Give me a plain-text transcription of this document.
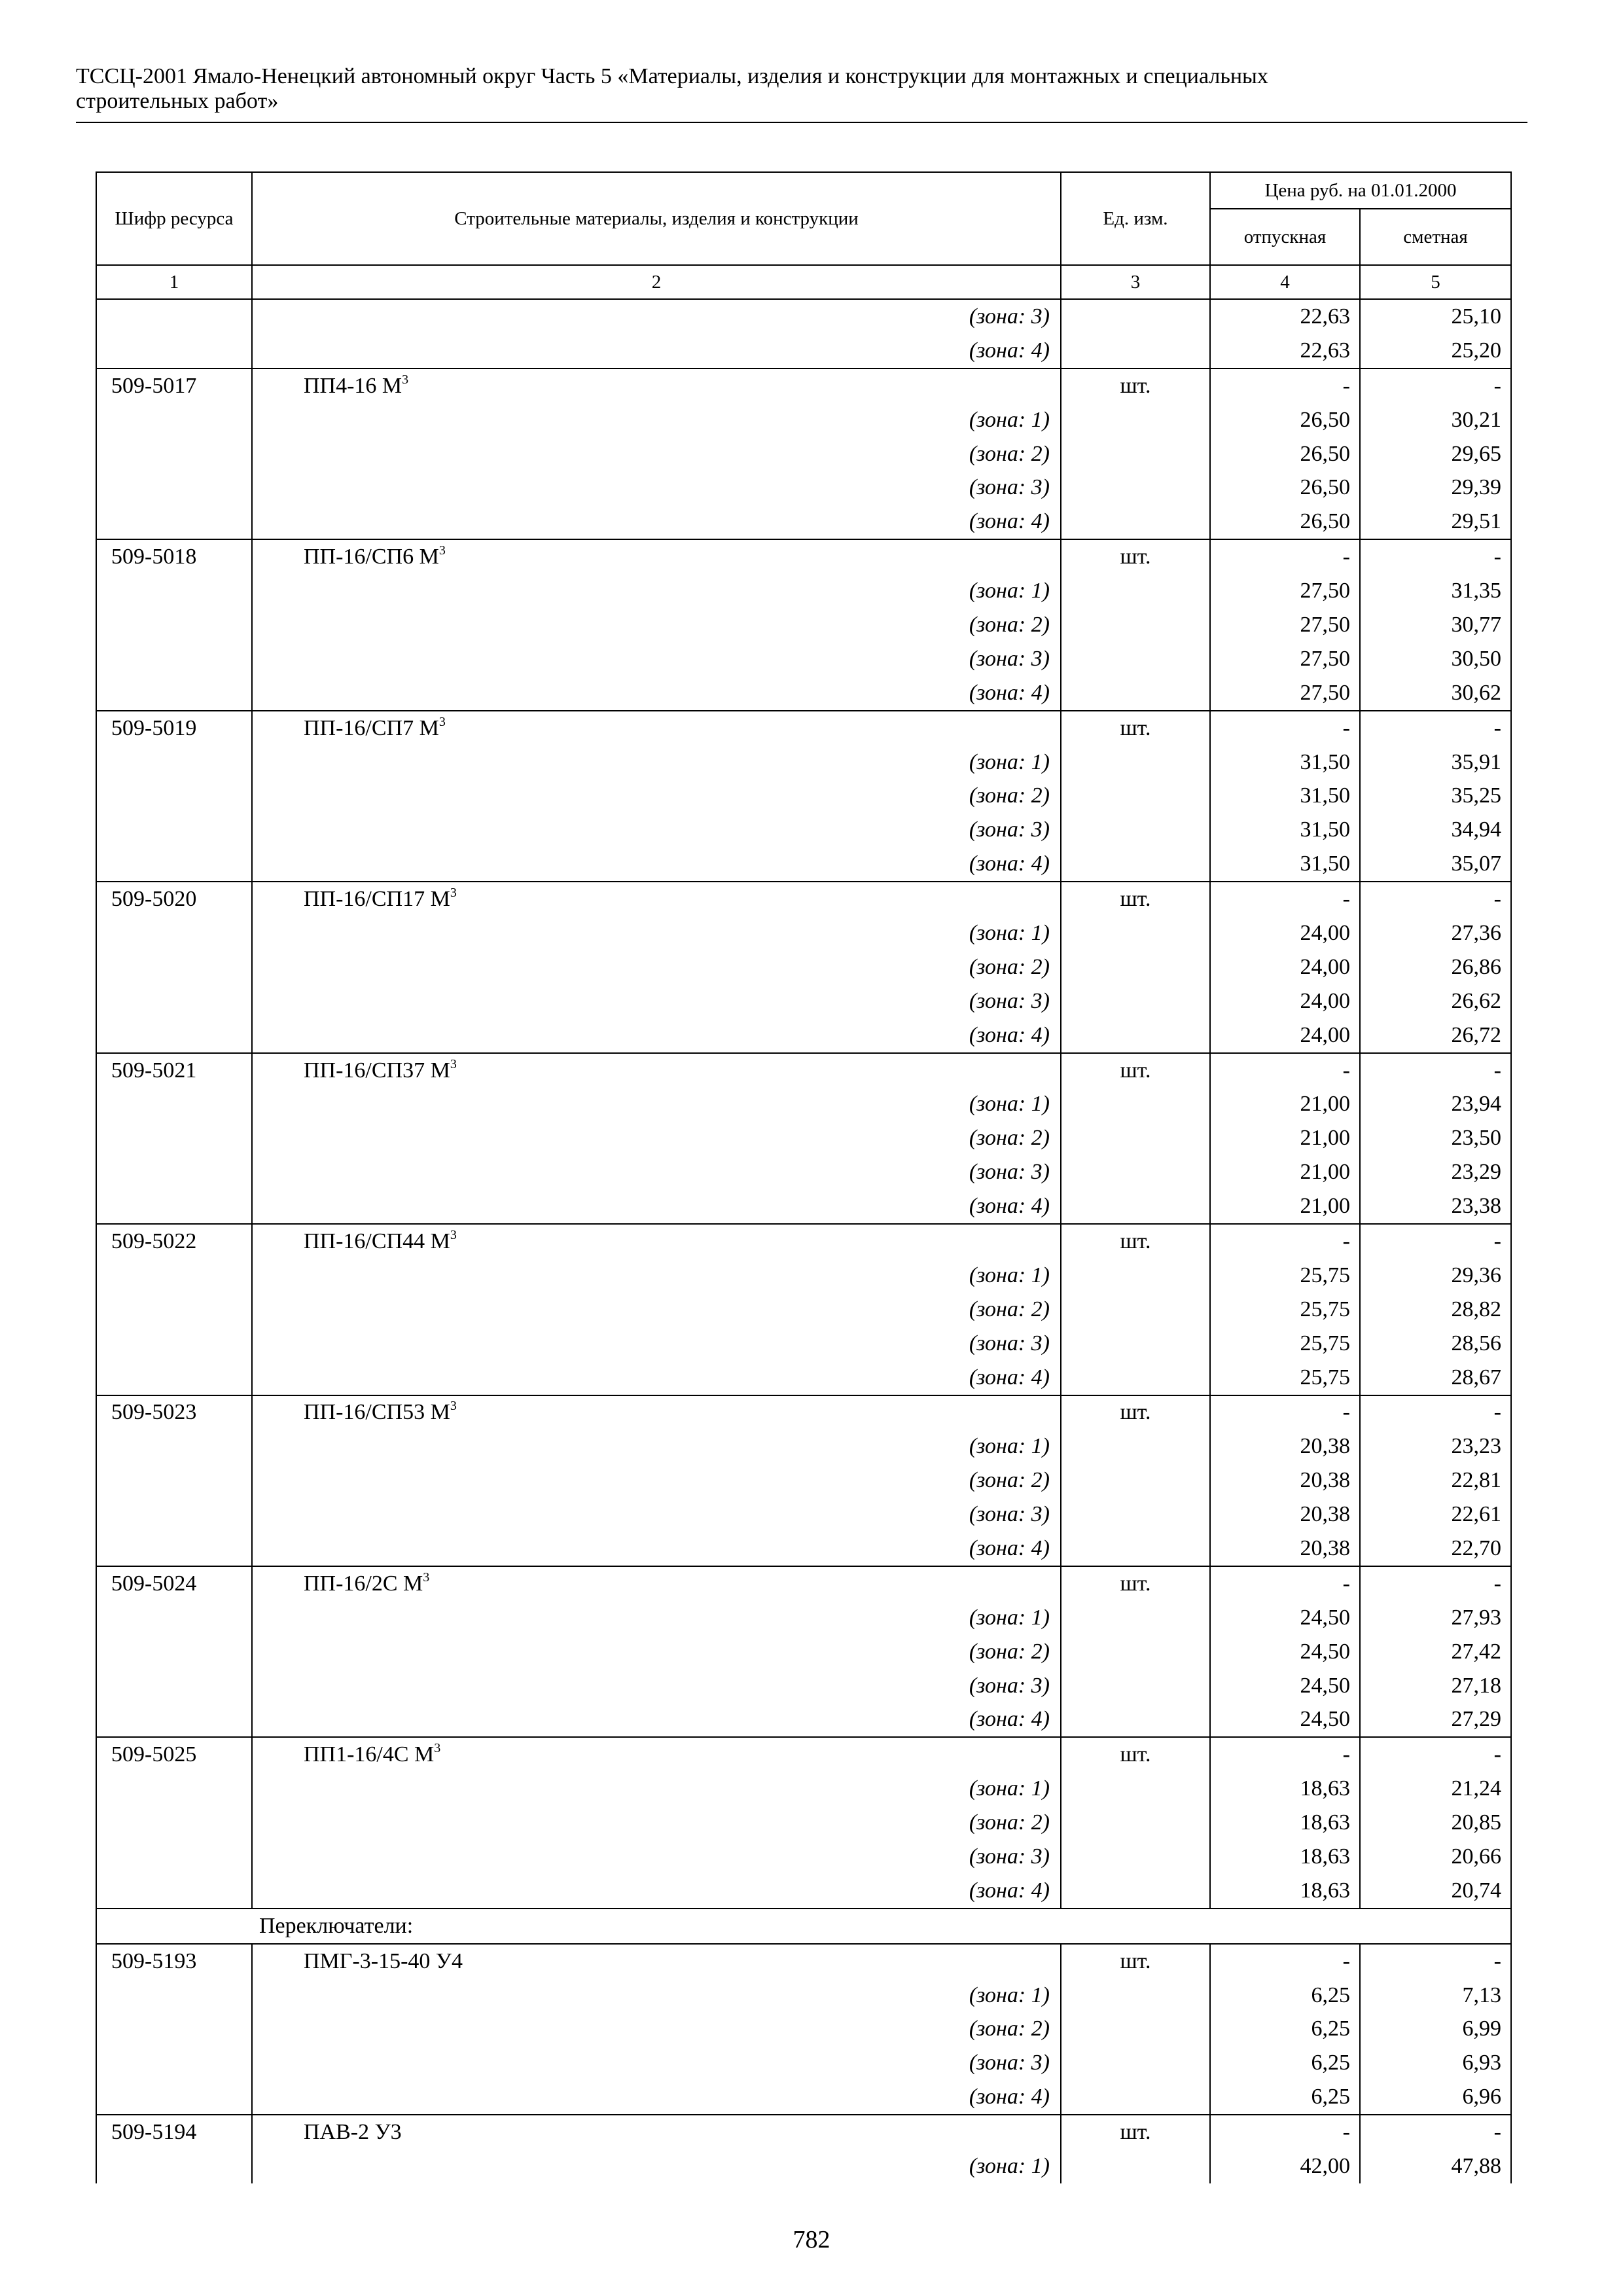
ТССЦ-2001 Ямало-Ненецкий автономный округ Часть 5 «Материалы, изделия и конструкции для монтажных и специальных
строительных работ»
Шифр ресурса	Строительные материалы, изделия и конструкции	Ед. изм.	Цена руб. на 01.01.2000	
			отпускная	сметная
1	2	3	4	5
	(зона: 3)		22,63	25,10
	(зона: 4)		22,63	25,20
509-5017	ПП4-16 $М^3$	шт.	-	-
	(зона: 1)		26,50	30,21
	(зона: 2)		26,50	29,65
	(зона: 3)		26,50	29,39
	(зона: 4)		26,50	29,51
509-5018	ПП-16/СП6 $М^3$	шт.	-	-
	(зона: 1)		27,50	31,35
	(зона: 2)		27,50	30,77
	(зона: 3)		27,50	30,50
	(зона: 4)		27,50	30,62
509-5019	ПП-16/СП7 $М^3$	шт.	-	-
	(зона: 1)		31,50	35,91
	(зона: 2)		31,50	35,25
	(зона: 3)		31,50	34,94
	(зона: 4)		31,50	35,07
509-5020	ПП-16/СП17 $М^3$	шт.	-	-
	(зона: 1)		24,00	27,36
	(зона: 2)		24,00	26,86
	(зона: 3)		24,00	26,62
	(зона: 4)		24,00	26,72
509-5021	ПП-16/СП37 $М^3$	шт.	-	-
	(зона: 1)		21,00	23,94
	(зона: 2)		21,00	23,50
	(зона: 3)		21,00	23,29
	(зона: 4)		21,00	23,38
509-5022	ПП-16/СП44 $М^3$	шт.	-	-
	(зона: 1)		25,75	29,36
	(зона: 2)		25,75	28,82
	(зона: 3)		25,75	28,56
	(зона: 4)		25,75	28,67
509-5023	ПП-16/СП53 $М^3$	шт.	-	-
	(зона: 1)		20,38	23,23
	(зона: 2)		20,38	22,81
	(зона: 3)		20,38	22,61
	(зона: 4)		20,38	22,70
509-5024	ПП-16/2С $М^3$	шт.	-	-
	(зона: 1)		24,50	27,93
	(зона: 2)		24,50	27,42
	(зона: 3)		24,50	27,18
	(зона: 4)		24,50	27,29
509-5025	ПП1-16/4С $М^3$	шт.	-	-
	(зона: 1)		18,63	21,24
	(зона: 2)		18,63	20,85
	(зона: 3)		18,63	20,66
	(зона: 4)		18,63	20,74
Переключатели:				
509-5193	ПМГ-3-15-40 У4	шт.	-	-
	(зона: 1)		6,25	7,13
	(зона: 2)		6,25	6,99
	(зона: 3)		6,25	6,93
	(зона: 4)		6,25	6,96
509-5194	ПАВ-2 У3	шт.	-	-
	(зона: 1)		42,00	47,88
782
